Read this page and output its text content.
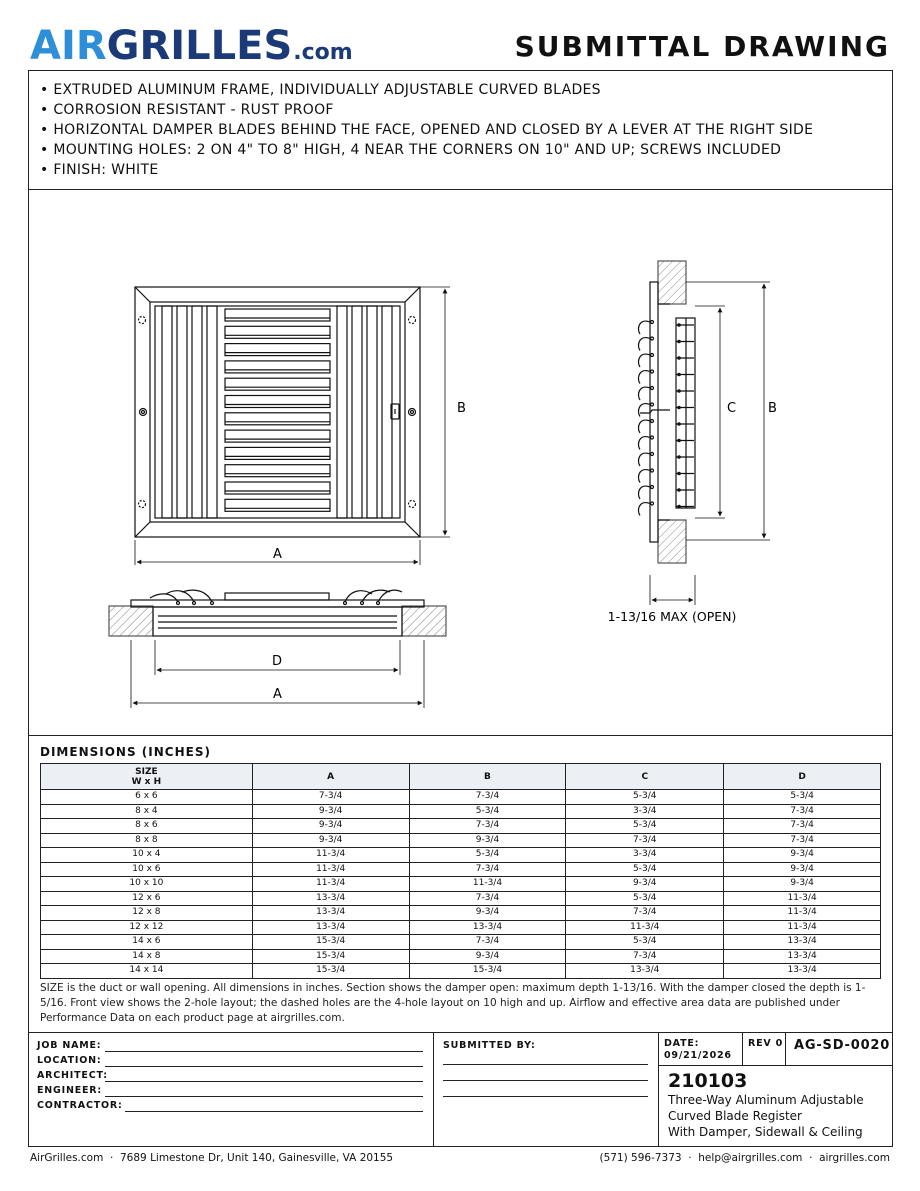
AIR GRILLES .com	SUBMITTAL DRAWING
• EXTRUDED ALUMINUM FRAME, INDIVIDUALLY ADJUSTABLE CURVED BLADES
• CORROSION RESISTANT - RUST PROOF
• HORIZONTAL DAMPER BLADES BEHIND THE FACE, OPENED AND CLOSED BY A LEVER AT THE RIGHT SIDE
• MOUNTING HOLES: 2 ON 4" TO 8" HIGH, 4 NEAR THE CORNERS ON 10" AND UP; SCREWS INCLUDED
• FINISH: WHITE
B
A
C B
1-13/16 MAX (OPEN)
D
A
DIMENSIONS (INCHES)
SIZE
W x H	A	B	C	D
6 x 6	7-3/4	7-3/4	5-3/4	5-3/4
8 x 4	9-3/4	5-3/4	3-3/4	7-3/4
8 x 6	9-3/4	7-3/4	5-3/4	7-3/4
8 x 8	9-3/4	9-3/4	7-3/4	7-3/4
10 x 4	11-3/4	5-3/4	3-3/4	9-3/4
10 x 6	11-3/4	7-3/4	5-3/4	9-3/4
10 x 10	11-3/4	11-3/4	9-3/4	9-3/4
12 x 6	13-3/4	7-3/4	5-3/4	11-3/4
12 x 8	13-3/4	9-3/4	7-3/4	11-3/4
12 x 12	13-3/4	13-3/4	11-3/4	11-3/4
14 x 6	15-3/4	7-3/4	5-3/4	13-3/4
14 x 8	15-3/4	9-3/4	7-3/4	13-3/4
14 x 14	15-3/4	15-3/4	13-3/4	13-3/4
SIZE is the duct or wall opening. All dimensions in inches. Section shows the damper open: maximum depth 1-13/16. With the damper closed the depth is 1-5/16. Front view shows the 2-hole layout; the dashed holes are the 4-hole layout on 10 high and up. Airflow and effective area data are published under Performance Data on each product page at airgrilles.com.
JOB NAME:
LOCATION:
ARCHITECT:
ENGINEER:
CONTRACTOR:
SUBMITTED BY:	DATE:
09/21/2026
REV 0 AG-SD-0020
210103
Three-Way Aluminum Adjustable
Curved Blade Register
With Damper, Sidewall & Ceiling
AirGrilles.com  ·  7689 Limestone Dr, Unit 140, Gainesville, VA 20155	(571) 596-7373  ·  help@airgrilles.com  ·  airgrilles.com
